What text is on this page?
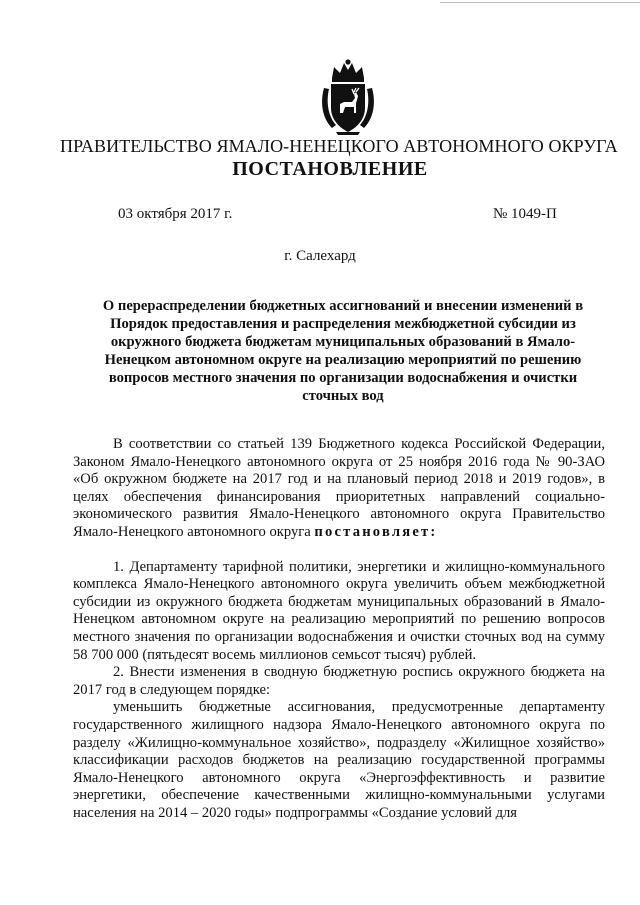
ПРАВИТЕЛЬСТВО ЯМАЛО-НЕНЕЦКОГО АВТОНОМНОГО ОКРУГА
ПОСТАНОВЛЕНИЕ
03 октября 2017 г.	№ 1049-П
г. Салехард
О перераспределении бюджетных ассигнований и внесении изменений в Порядок предоставления и распределения межбюджетной субсидии из окружного бюджета бюджетам муниципальных образований в Ямало-Ненецком автономном округе на реализацию мероприятий по решению вопросов местного значения по организации водоснабжения и очистки сточных вод

В соответствии со статьей 139 Бюджетного кодекса Российской Федерации, Законом Ямало-Ненецкого автономного округа от 25 ноября 2016 года № 90-ЗАО «Об окружном бюджете на 2017 год и на плановый период 2018 и 2019 годов», в целях обеспечения финансирования приоритетных направлений социально-экономического развития Ямало-Ненецкого автономного округа Правительство Ямало-Ненецкого автономного округа постановляет:

1. Департаменту тарифной политики, энергетики и жилищно-коммунального комплекса Ямало-Ненецкого автономного округа увеличить объем межбюджетной субсидии из окружного бюджета бюджетам муниципальных образований в Ямало-Ненецком автономном округе на реализацию мероприятий по решению вопросов местного значения по организации водоснабжения и очистки сточных вод на сумму 58 700 000 (пятьдесят восемь миллионов семьсот тысяч) рублей.

2. Внести изменения в сводную бюджетную роспись окружного бюджета на 2017 год в следующем порядке:

уменьшить бюджетные ассигнования, предусмотренные департаменту государственного жилищного надзора Ямало-Ненецкого автономного округа по разделу «Жилищно-коммунальное хозяйство», подразделу «Жилищное хозяйство» классификации расходов бюджетов на реализацию государственной программы Ямало-Ненецкого автономного округа «Энергоэффективность и развитие энергетики, обеспечение качественными жилищно-коммунальными услугами населения на 2014 – 2020 годы» подпрограммы «Создание условий для
